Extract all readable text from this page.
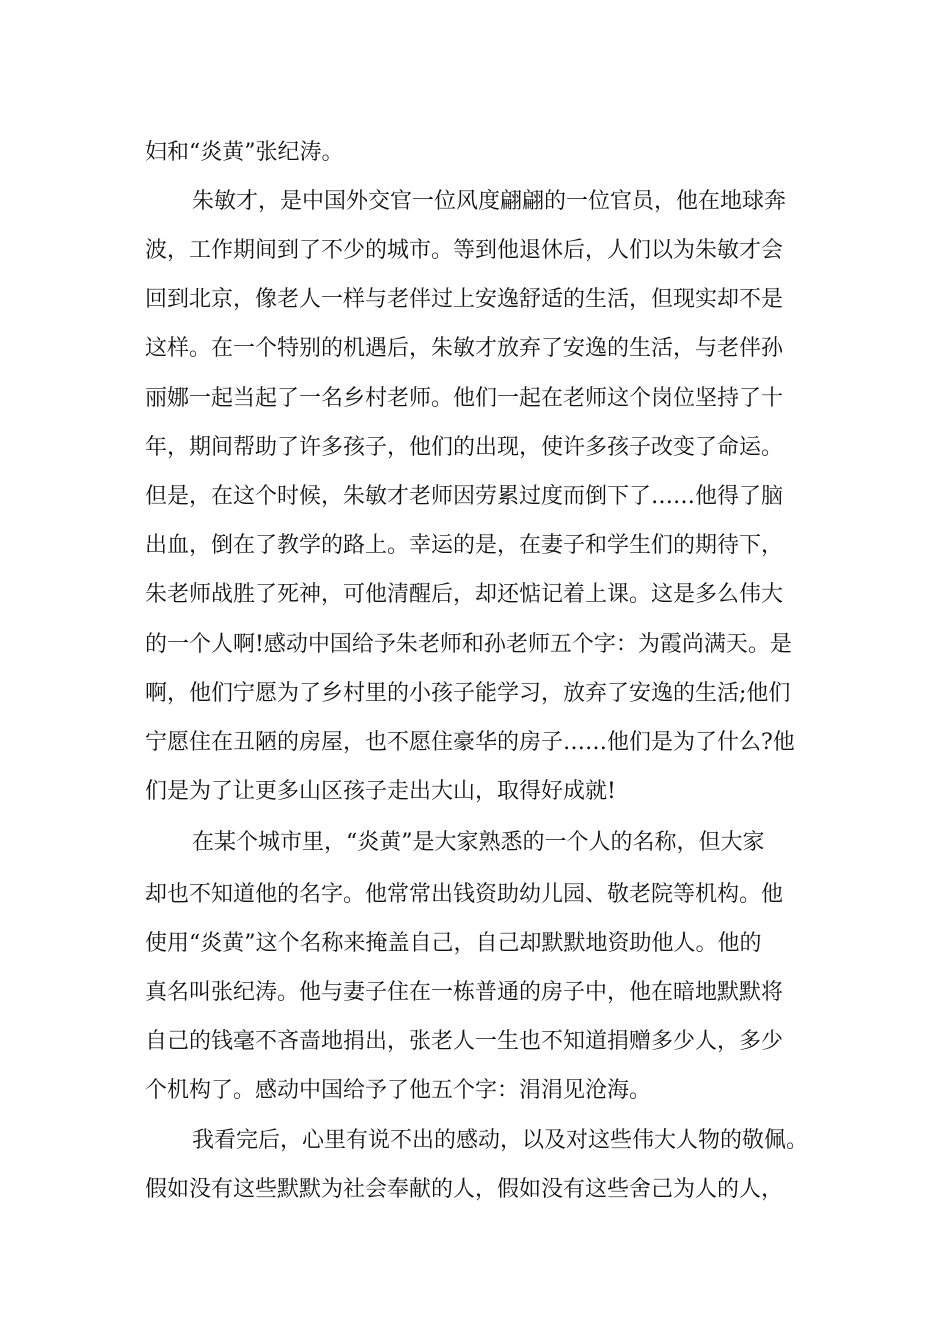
妇和“炎黄”张纪涛。
朱敏才，是中国外交官一位风度翩翩的一位官员，他在地球奔
波，工作期间到了不少的城市。等到他退休后，人们以为朱敏才会
回到北京，像老人一样与老伴过上安逸舒适的生活，但现实却不是
这样。在一个特别的机遇后，朱敏才放弃了安逸的生活，与老伴孙
丽娜一起当起了一名乡村老师。他们一起在老师这个岗位坚持了十
年，期间帮助了许多孩子，他们的出现，使许多孩子改变了命运。
但是，在这个时候，朱敏才老师因劳累过度而倒下了……他得了脑
出血，倒在了教学的路上。幸运的是，在妻子和学生们的期待下，
朱老师战胜了死神，可他清醒后，却还惦记着上课。这是多么伟大
的一个人啊!感动中国给予朱老师和孙老师五个字：为霞尚满天。是
啊，他们宁愿为了乡村里的小孩子能学习，放弃了安逸的生活;他们
宁愿住在丑陋的房屋，也不愿住豪华的房子……他们是为了什么?他
们是为了让更多山区孩子走出大山，取得好成就!
在某个城市里，“炎黄”是大家熟悉的一个人的名称，但大家
却也不知道他的名字。他常常出钱资助幼儿园、敬老院等机构。他
使用“炎黄”这个名称来掩盖自己，自己却默默地资助他人。他的
真名叫张纪涛。他与妻子住在一栋普通的房子中，他在暗地默默将
自己的钱毫不吝啬地捐出，张老人一生也不知道捐赠多少人，多少
个机构了。感动中国给予了他五个字：涓涓见沧海。
我看完后，心里有说不出的感动，以及对这些伟大人物的敬佩。
假如没有这些默默为社会奉献的人，假如没有这些舍己为人的人，
